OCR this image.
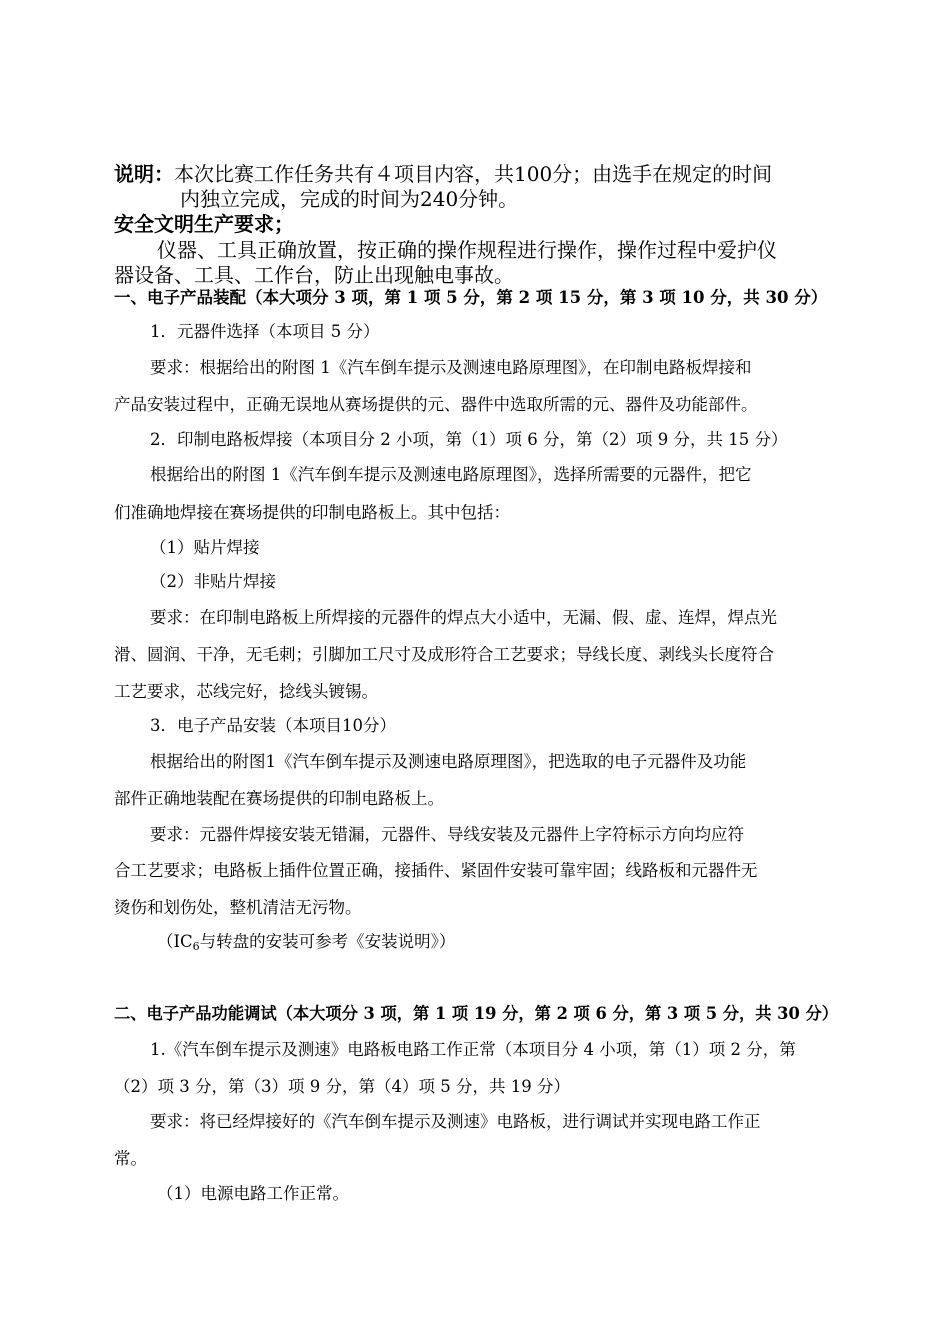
说明：本次比赛工作任务共有４项目内容，共100分；由选手在规定的时间
内独立完成，完成的时间为240分钟。
安全文明生产要求；
仪器、工具正确放置，按正确的操作规程进行操作，操作过程中爱护仪
器设备、工具、工作台，防止出现触电事故。
一、电子产品装配（本大项分 3 项，第 1 项 5 分，第 2 项 15 分，第 3 项 10 分，共 30 分）
1．元器件选择（本项目 5 分）
要求：根据给出的附图 1《汽车倒车提示及测速电路原理图》，在印制电路板焊接和
产品安装过程中，正确无误地从赛场提供的元、器件中选取所需的元、器件及功能部件。
2．印制电路板焊接（本项目分 2 小项，第（1）项 6 分，第（2）项 9 分，共 15 分）
根据给出的附图 1《汽车倒车提示及测速电路原理图》，选择所需要的元器件，把它
们准确地焊接在赛场提供的印制电路板上。其中包括：
（1）贴片焊接
（2）非贴片焊接
要求：在印制电路板上所焊接的元器件的焊点大小适中，无漏、假、虚、连焊，焊点光
滑、圆润、干净，无毛刺；引脚加工尺寸及成形符合工艺要求；导线长度、剥线头长度符合
工艺要求，芯线完好，捻线头镀锡。
3．电子产品安装（本项目10分）
根据给出的附图1《汽车倒车提示及测速电路原理图》，把选取的电子元器件及功能
部件正确地装配在赛场提供的印制电路板上。
要求：元器件焊接安装无错漏，元器件、导线安装及元器件上字符标示方向均应符
合工艺要求；电路板上插件位置正确，接插件、紧固件安装可靠牢固；线路板和元器件无
烫伤和划伤处，整机清洁无污物。
（$IC_6$与转盘的安装可参考《安装说明》）
二、电子产品功能调试（本大项分 3 项，第 1 项 19 分，第 2 项 6 分，第 3 项 5 分，共 30 分）
1.《汽车倒车提示及测速》电路板电路工作正常（本项目分 4 小项，第（1）项 2 分，第
（2）项 3 分，第（3）项 9 分，第（4）项 5 分，共 19 分）
要求：将已经焊接好的《汽车倒车提示及测速》电路板，进行调试并实现电路工作正
常。
（1）电源电路工作正常。
